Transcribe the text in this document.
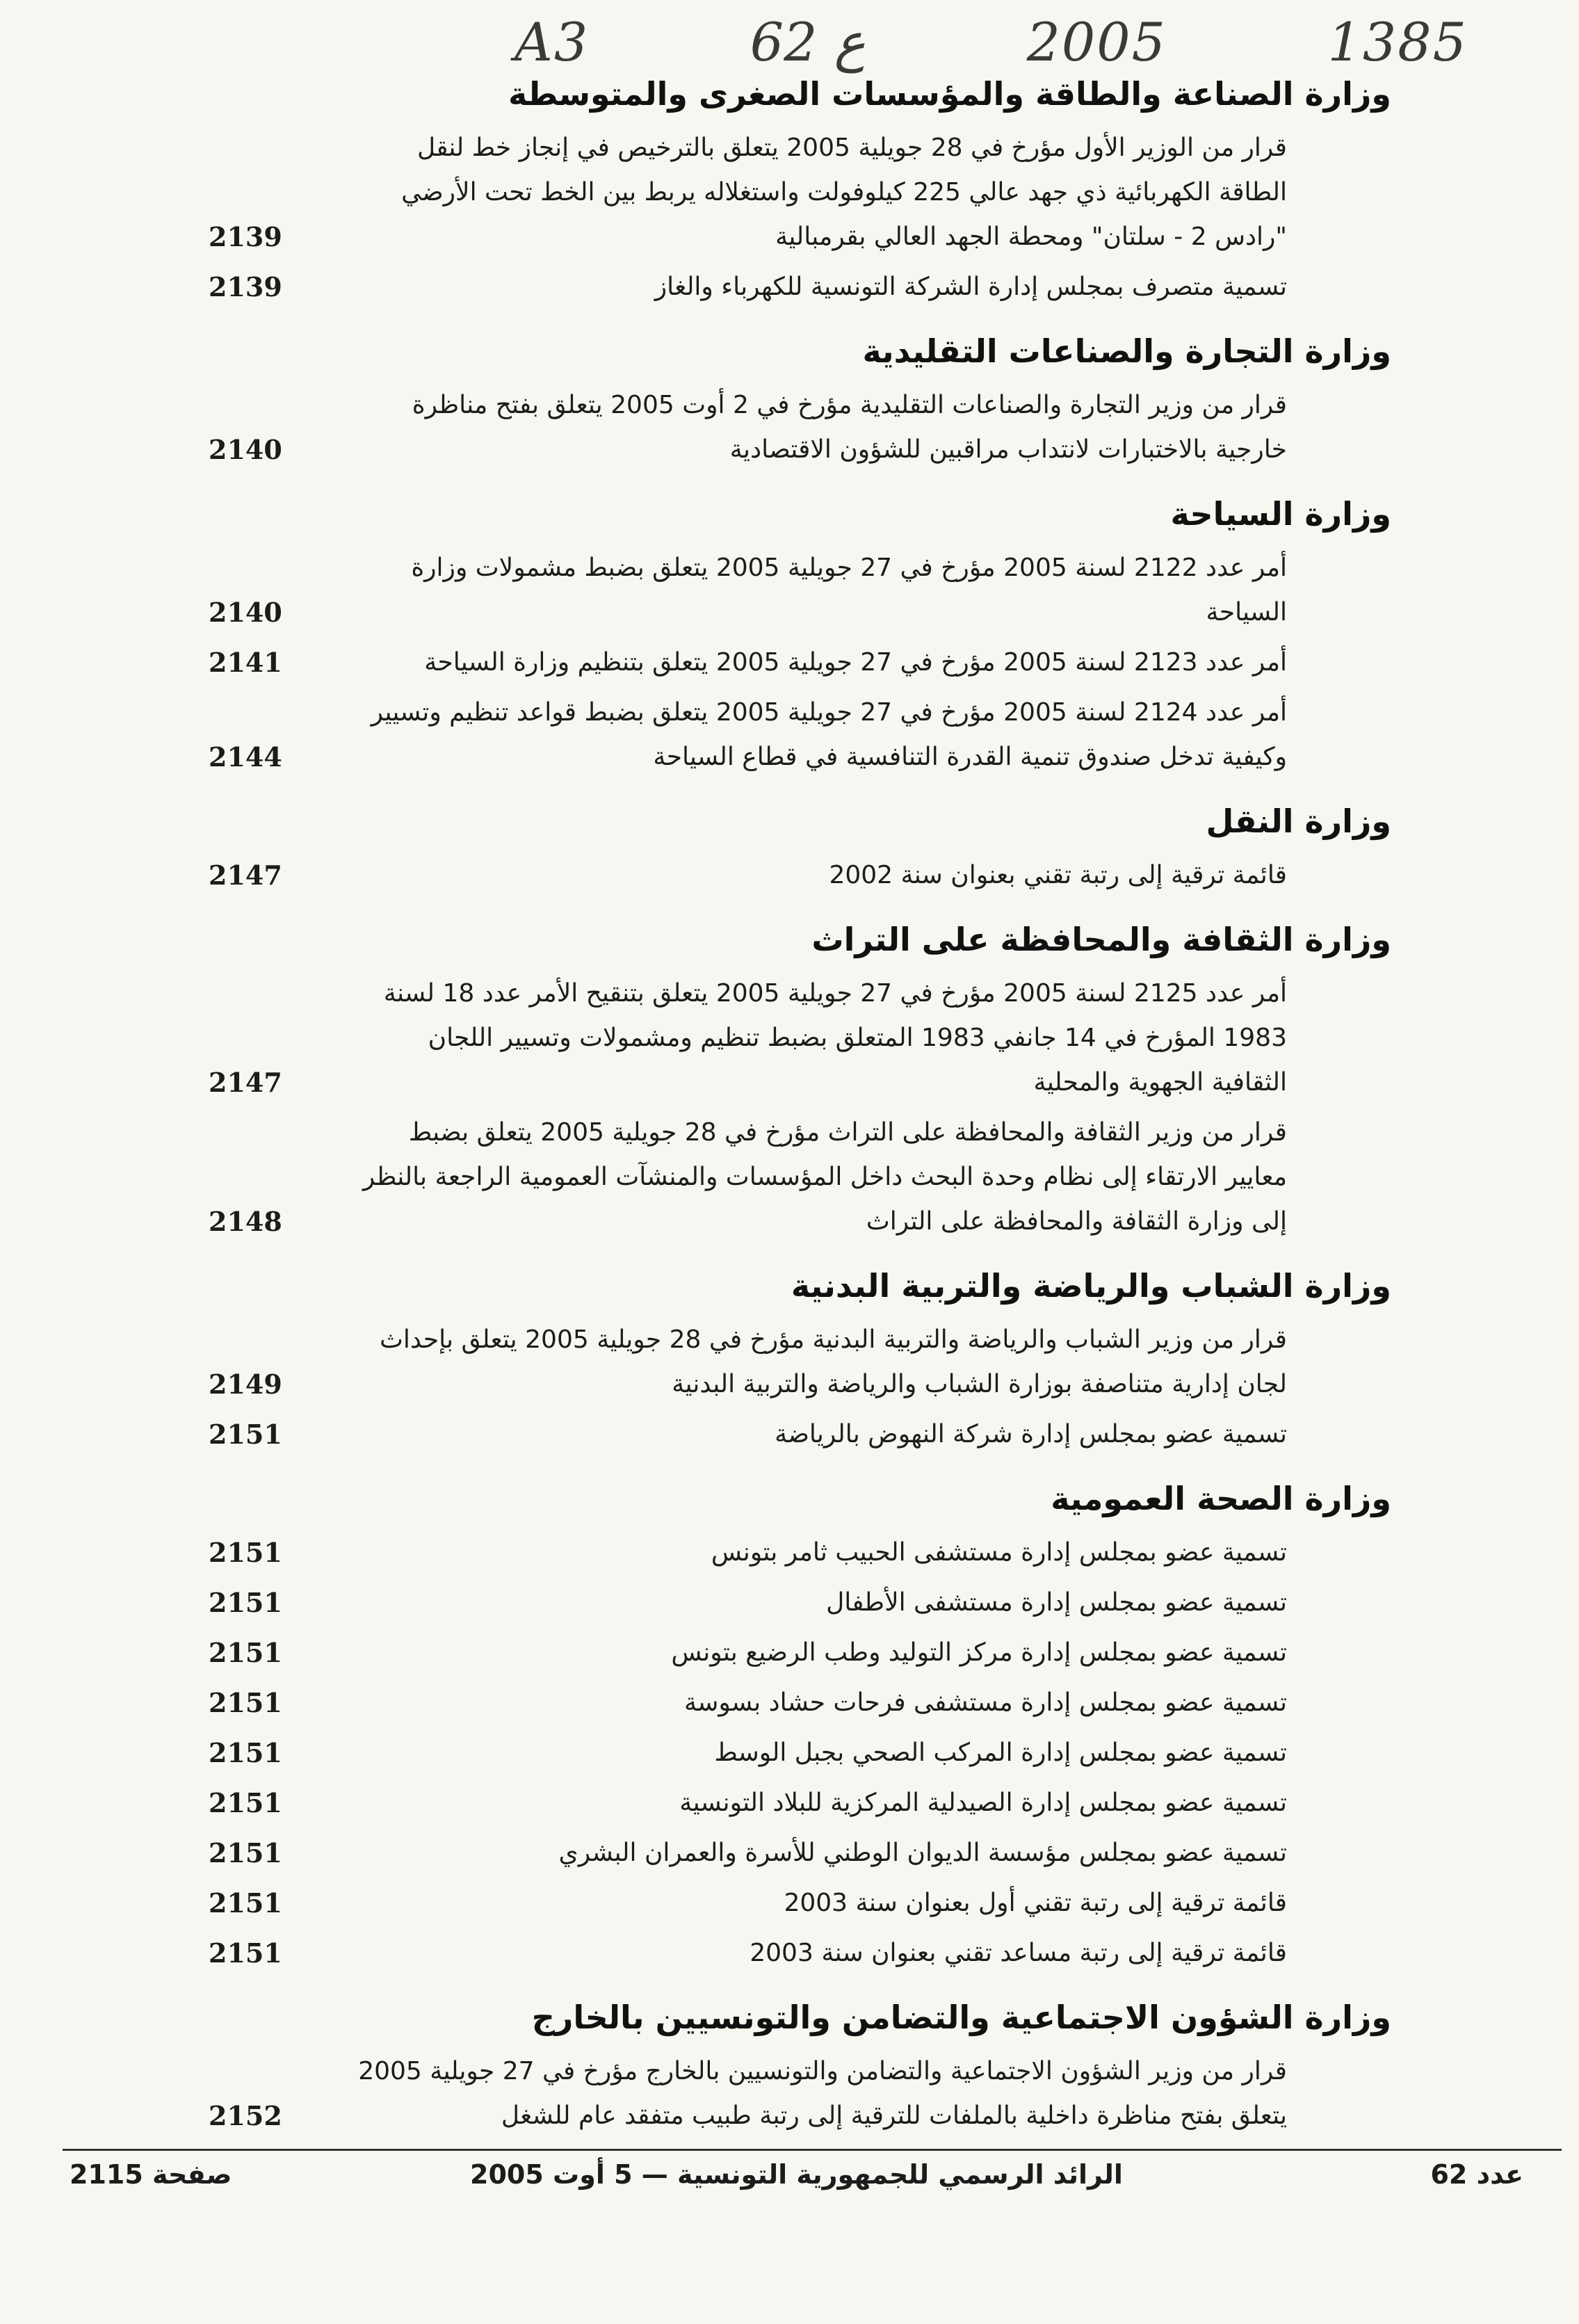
A3	62 ع	2005	1385
وزارة الصناعة والطاقة والمؤسسات الصغرى والمتوسطة
قرار من الوزير الأول مؤرخ في 28 جويلية 2005 يتعلق بالترخيص في إنجاز خط لنقل الطاقة الكهربائية ذي جهد عالي 225 كيلوفولت واستغلاله يربط بين الخط تحت الأرضي "رادس 2 - سلتان" ومحطة الجهد العالي بقرمبالية
2139
تسمية متصرف بمجلس إدارة الشركة التونسية للكهرباء والغاز
2139
وزارة التجارة والصناعات التقليدية
قرار من وزير التجارة والصناعات التقليدية مؤرخ في 2 أوت 2005 يتعلق بفتح مناظرة خارجية بالاختبارات لانتداب مراقبين للشؤون الاقتصادية
2140
وزارة السياحة
أمر عدد 2122 لسنة 2005 مؤرخ في 27 جويلية 2005 يتعلق بضبط مشمولات وزارة السياحة
2140
أمر عدد 2123 لسنة 2005 مؤرخ في 27 جويلية 2005 يتعلق بتنظيم وزارة السياحة
2141
أمر عدد 2124 لسنة 2005 مؤرخ في 27 جويلية 2005 يتعلق بضبط قواعد تنظيم وتسيير وكيفية تدخل صندوق تنمية القدرة التنافسية في قطاع السياحة
2144
وزارة النقل
قائمة ترقية إلى رتبة تقني بعنوان سنة 2002
2147
وزارة الثقافة والمحافظة على التراث
أمر عدد 2125 لسنة 2005 مؤرخ في 27 جويلية 2005 يتعلق بتنقيح الأمر عدد 18 لسنة 1983 المؤرخ في 14 جانفي 1983 المتعلق بضبط تنظيم ومشمولات وتسيير اللجان الثقافية الجهوية والمحلية
2147
قرار من وزير الثقافة والمحافظة على التراث مؤرخ في 28 جويلية 2005 يتعلق بضبط معايير الارتقاء إلى نظام وحدة البحث داخل المؤسسات والمنشآت العمومية الراجعة بالنظر إلى وزارة الثقافة والمحافظة على التراث
2148
وزارة الشباب والرياضة والتربية البدنية
قرار من وزير الشباب والرياضة والتربية البدنية مؤرخ في 28 جويلية 2005 يتعلق بإحداث لجان إدارية متناصفة بوزارة الشباب والرياضة والتربية البدنية
2149
تسمية عضو بمجلس إدارة شركة النهوض بالرياضة
2151
وزارة الصحة العمومية
تسمية عضو بمجلس إدارة مستشفى الحبيب ثامر بتونس
2151
تسمية عضو بمجلس إدارة مستشفى الأطفال
2151
تسمية عضو بمجلس إدارة مركز التوليد وطب الرضيع بتونس
2151
تسمية عضو بمجلس إدارة مستشفى فرحات حشاد بسوسة
2151
تسمية عضو بمجلس إدارة المركب الصحي بجبل الوسط
2151
تسمية عضو بمجلس إدارة الصيدلية المركزية للبلاد التونسية
2151
تسمية عضو بمجلس مؤسسة الديوان الوطني للأسرة والعمران البشري
2151
قائمة ترقية إلى رتبة تقني أول بعنوان سنة 2003
2151
قائمة ترقية إلى رتبة مساعد تقني بعنوان سنة 2003
2151
وزارة الشؤون الاجتماعية والتضامن والتونسيين بالخارج
قرار من وزير الشؤون الاجتماعية والتضامن والتونسيين بالخارج مؤرخ في 27 جويلية 2005 يتعلق بفتح مناظرة داخلية بالملفات للترقية إلى رتبة طبيب متفقد عام للشغل
2152
عدد 62
الرائد الرسمي للجمهورية التونسية — 5 أوت 2005
صفحة 2115
